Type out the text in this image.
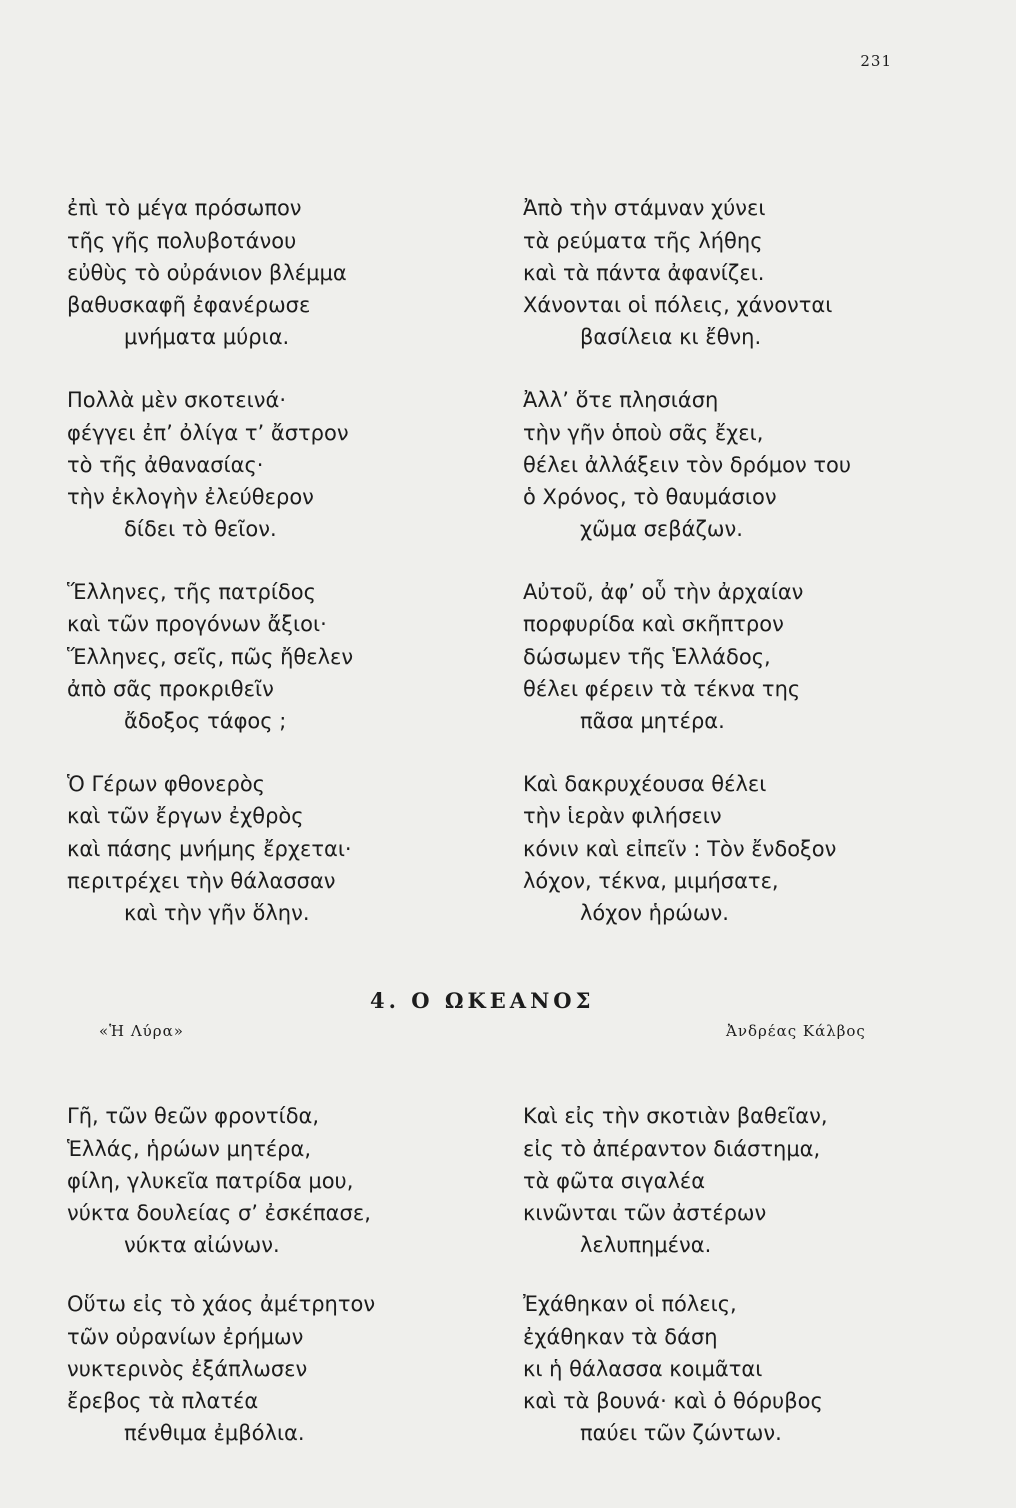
231

ἐπὶ τὸ μέγα πρόσωπον
τῆς γῆς πολυβοτάνου
εὐθὺς τὸ οὐράνιον βλέμμα
βαθυσκαφῆ ἐφανέρωσε
μνήματα μύρια.
Πολλὰ μὲν σκοτεινά·
φέγγει ἐπ’ ὀλίγα τ’ ἄστρον
τὸ τῆς ἀθανασίας·
τὴν ἐκλογὴν ἐλεύθερον
δίδει τὸ θεῖον.
Ἕλληνες, τῆς πατρίδος
καὶ τῶν προγόνων ἄξιοι·
Ἕλληνες, σεῖς, πῶς ἤθελεν
ἀπὸ σᾶς προκριθεῖν
ἄδοξος τάφος ;
Ὁ Γέρων φθονερὸς
καὶ τῶν ἔργων ἐχθρὸς
καὶ πάσης μνήμης ἔρχεται·
περιτρέχει τὴν θάλασσαν
καὶ τὴν γῆν ὅλην.

«Ἡ Λύρα»

Ἀπὸ τὴν στάμναν χύνει
τὰ ρεύματα τῆς λήθης
καὶ τὰ πάντα ἀφανίζει.
Χάνονται οἱ πόλεις, χάνονται
βασίλεια κι ἔθνη.
Ἀλλ’ ὅτε πλησιάση
τὴν γῆν ὁποὺ σᾶς ἔχει,
θέλει ἀλλάξειν τὸν δρόμον του
ὁ Χρόνος, τὸ θαυμάσιον
χῶμα σεβάζων.
Αὐτοῦ, ἀφ’ οὗ τὴν ἀρχαίαν
πορφυρίδα καὶ σκῆπτρον
δώσωμεν τῆς Ἑλλάδος,
θέλει φέρειν τὰ τέκνα της
πᾶσα μητέρα.
Καὶ δακρυχέουσα θέλει
τὴν ἱερὰν φιλήσειν
κόνιν καὶ εἰπεῖν : Τὸν ἔνδοξον
λόχον, τέκνα, μιμήσατε,
λόχον ἡρώων.

Ἀνδρέας Κάλβος

4. Ο ΩΚΕΑΝΟΣ

Γῆ, τῶν θεῶν φροντίδα,
Ἑλλάς, ἡρώων μητέρα,
φίλη, γλυκεῖα πατρίδα μου,
νύκτα δουλείας σ’ ἐσκέπασε,
νύκτα αἰώνων.
Οὕτω εἰς τὸ χάος ἀμέτρητον
τῶν οὐρανίων ἐρήμων
νυκτερινὸς ἐξάπλωσεν
ἔρεβος τὰ πλατέα
πένθιμα ἐμβόλια.

Καὶ εἰς τὴν σκοτιὰν βαθεῖαν,
εἰς τὸ ἀπέραντον διάστημα,
τὰ φῶτα σιγαλέα
κινῶνται τῶν ἀστέρων
λελυπημένα.
Ἐχάθηκαν οἱ πόλεις,
ἐχάθηκαν τὰ δάση
κι ἡ θάλασσα κοιμᾶται
καὶ τὰ βουνά· καὶ ὁ θόρυβος
παύει τῶν ζώντων.
